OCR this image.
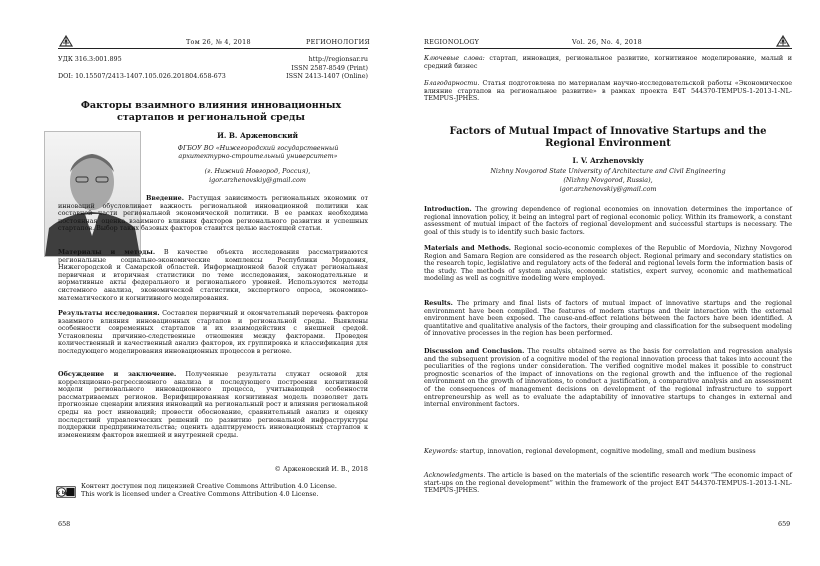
Том 26, № 4, 2018	РЕГИОНОЛОГИЯ
УДК 316.3:001.895
DOI: 10.15507/2413-1407.105.026.201804.658-673
http://regionsar.ru
ISSN 2587-8549 (Print)
ISSN 2413-1407 (Online)
Факторы взаимного влияния инновационных стартапов и региональной среды
И. В. Арженовский
ФГБОУ ВО «Нижегородский государственный архитектурно-строительный университет»
(г. Нижний Новгород, Россия),
igor.arzhenovskiy@gmail.com

Введение. Растущая зависимость региональных экономик от инноваций обусловливает важность региональной инновационной политики как составной части региональной экономической политики. В ее рамках необходима постоянная оценка взаимного влияния факторов регионального развития и успешных стартапов. Выбор таких базовых факторов ставится целью настоящей статьи.

Материалы и методы. В качестве объекта исследования рассматриваются региональные социально-экономические комплексы Республики Мордовия, Нижегородской и Самарской областей. Информационной базой служат региональная первичная и вторичная статистики по теме исследования, законодательные и нормативные акты федерального и регионального уровней. Используются методы системного анализа, экономической статистики, экспертного опроса, экономико-математического и когнитивного моделирования.

Результаты исследования. Составлен первичный и окончательный перечень факторов взаимного влияния инновационных стартапов и региональной среды. Выявлены особенности современных стартапов и их взаимодействия с внешней средой. Установлены причинно-следственные отношения между факторами. Проведен количественный и качественный анализ факторов, их группировка и классификация для последующего моделирования инновационных процессов в регионе.

Обсуждение и заключение. Полученные результаты служат основой для корреляционно-регрессионного анализа и последующего построения когнитивной модели регионального инновационного процесса, учитывающей особенности рассматриваемых регионов. Верифицированная когнитивная модель позволяет дать прогнозные сценарии влияния инноваций на региональный рост и влияния региональной среды на рост инноваций; провести обоснование, сравнительный анализ и оценку последствий управленческих решений по развитию региональной инфраструктуры поддержки предпринимательства; оценить адаптируемость инновационных стартапов к изменениям факторов внешней и внутренней среды.

© Арженовский И. В., 2018
cc by
Контент доступен под лицензией Creative Commons Attribution 4.0 License.
This work is licensed under a Creative Commons Attribution 4.0 License.
658
REGIONOLOGY	Vol. 26, No. 4, 2018

Ключевые слова: стартап, инновация, региональное развитие, когнитивное моделирование, малый и средний бизнес

Благодарности. Статья подготовлена по материалам научно-исследовательской работы «Экономическое влияние стартапов на региональное развитие» в рамках проекта E4T 544370-TEMPUS-1-2013-1-NL-TEMPUS-JPHES.

Factors of Mutual Impact of Innovative Startups and the Regional Environment
I. V. Arzhenovskiy
Nizhny Novgorod State University of Architecture and Civil Engineering
(Nizhny Novgorod, Russia),
igor.arzhenovskiy@gmail.com

Introduction. The growing dependence of regional economies on innovation determines the importance of regional innovation policy, it being an integral part of regional economic policy. Within its framework, a constant assessment of mutual impact of the factors of regional development and successful startups is necessary. The goal of this study is to identify such basic factors.

Materials and Methods. Regional socio-economic complexes of the Republic of Mordovia, Nizhny Novgorod Region and Samara Region are considered as the research object. Regional primary and secondary statistics on the research topic, legislative and regulatory acts of the federal and regional levels form the information basis of the study. The methods of system analysis, economic statistics, expert survey, economic and mathematical modeling as well as cognitive modeling were employed.

Results. The primary and final lists of factors of mutual impact of innovative startups and the regional environment have been compiled. The features of modern startups and their interaction with the external environment have been exposed. The cause-and-effect relations between the factors have been identified. A quantitative and qualitative analysis of the factors, their grouping and classification for the subsequent modeling of innovative processes in the region has been performed.

Discussion and Conclusion. The results obtained serve as the basis for correlation and regression analysis and the subsequent provision of a cognitive model of the regional innovation process that takes into account the peculiarities of the regions under consideration. The verified cognitive model makes it possible to construct prognostic scenarios of the impact of innovations on the regional growth and the influence of the regional environment on the growth of innovations, to conduct a justification, a comparative analysis and an assessment of the consequences of management decisions on development of the regional infrastructure to support entrepreneurship as well as to evaluate the adaptability of innovative startups to changes in external and internal environment factors.

Keywords: startup, innovation, regional development, cognitive modeling, small and medium business

Acknowledgments. The article is based on the materials of the scientific research work “The economic impact of start-ups on the regional development” within the framework of the project E4T 544370-TEMPUS-1-2013-1-NL-TEMPUS-JPHES.

659
